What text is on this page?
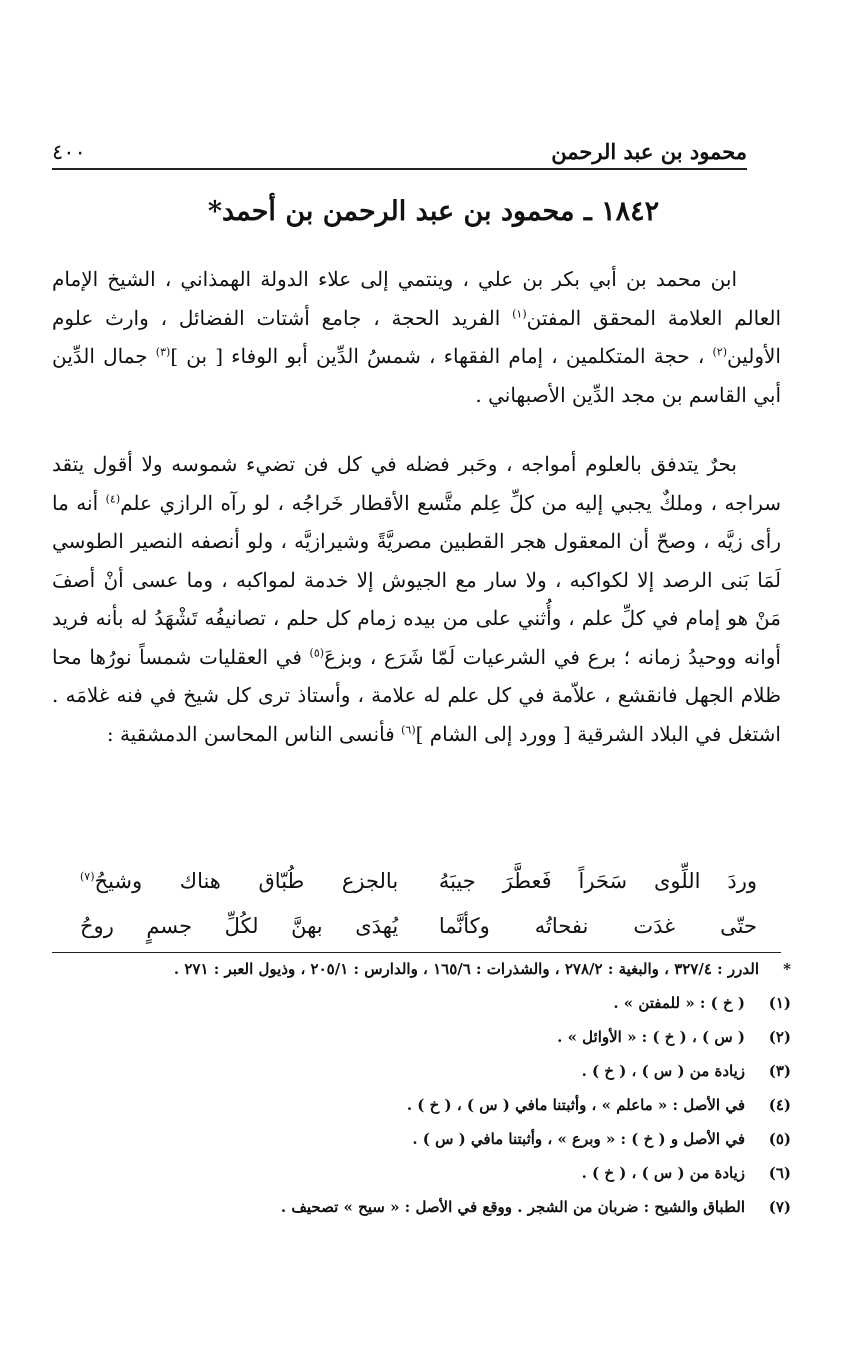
محمود بن عبد الرحمن
٤٠٠
١٨٤٢ ـ محمود بن عبد الرحمن بن أحمد*

ابن محمد بن أبي بكر بن علي ، وينتمي إلى علاء الدولة الهمذاني ، الشيخ الإمام العالم العلامة المحقق المفتن$^{(١)}$ الفريد الحجة ، جامع أشتات الفضائل ، وارث علوم الأولين$^{(٢)}$ ، حجة المتكلمين ، إمام الفقهاء ، شمسُ الدِّين أبو الوفاء [ بن ]$^{(٣)}$ جمال الدِّين أبي القاسم بن مجد الدِّين الأصبهاني .

بحرٌ يتدفق بالعلوم أمواجه ، وحَبر فضله في كل فن تضيء شموسه ولا أقول يتقد سراجه ، وملكٌ يجبي إليه من كلِّ عِلم متَّسع الأقطار خَراجُه ، لو رآه الرازي علم$^{(٤)}$ أنه ما رأى زيَّه ، وصحّ أن المعقول هجر القطبين مصريَّةً وشيرازيَّه ، ولو أنصفه النصير الطوسي لَمَا بَنى الرصد إلا لكواكبه ، ولا سار مع الجيوش إلا خدمة لمواكبه ، وما عسى أنْ أصفَ مَنْ هو إمام في كلِّ علم ، وأُثني على من بيده زمام كل حلم ، تصانيفُه تَشْهَدُ له بأنه فريد أوانه ووحيدُ زمانه ؛ برع في الشرعيات لَمّا شَرَع ، وبزعَ$^{(٥)}$ في العقليات شمساً نورُها محا ظلام الجهل فانقشع ، علاّمة في كل علم له علامة ، وأستاذ ترى كل شيخ في فنه غلامَه . اشتغل في البلاد الشرقية [ وورد إلى الشام ]$^{(٦)}$ فأنسى الناس المحاسن الدمشقية :

وردَ اللِّوى سَحَراً فَعطَّرَ جيبَهُ
بالجزع طُبّاق هناك وشيحُ$^{(٧)}$
حتّى غدَت نفحاتُه وكأنَّما
يُهدَى بهنَّ لكُلِّ جسمٍ روحُ
*
الدرر : ٣٢٧/٤ ، والبغية : ٢٧٨/٢ ، والشذرات : ١٦٥/٦ ، والدارس : ٢٠٥/١ ، وذيول العبر : ٢٧١ .
(١)
( خ ) : « للمفتن » .
(٢)
( س ) ، ( خ ) : « الأوائل » .
(٣)
زيادة من ( س ) ، ( خ ) .
(٤)
في الأصل : « ماعلم » ، وأثبتنا مافي ( س ) ، ( خ ) .
(٥)
في الأصل و ( خ ) : « وبرع » ، وأثبتنا مافي ( س ) .
(٦)
زيادة من ( س ) ، ( خ ) .
(٧)
الطباق والشيح : ضربان من الشجر . ووقع في الأصل : « سيح » تصحيف .
